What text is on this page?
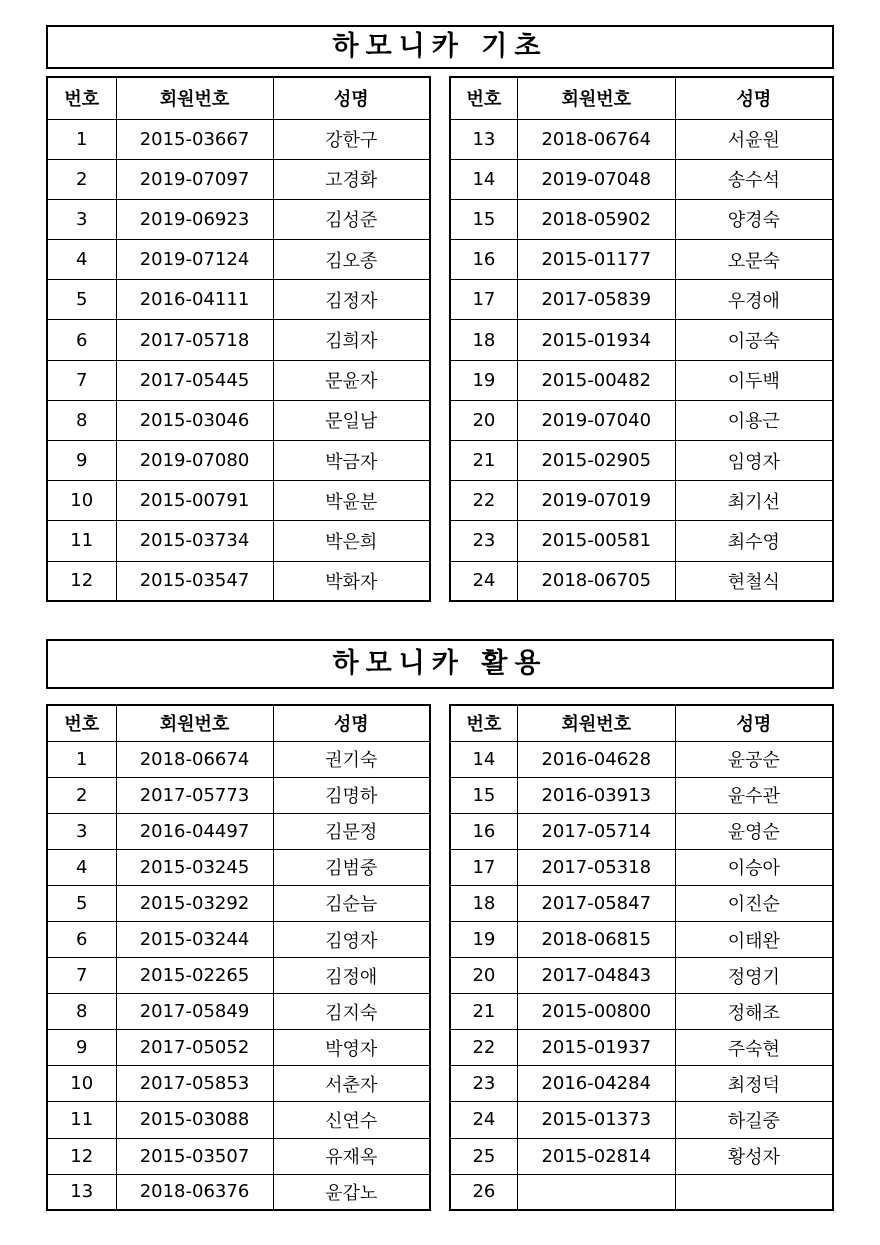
하모니카 기초
번호	회원번호	성명
1	2015-03667	강한구
2	2019-07097	고경화
3	2019-06923	김성준
4	2019-07124	김오종
5	2016-04111	김정자
6	2017-05718	김희자
7	2017-05445	문윤자
8	2015-03046	문일남
9	2019-07080	박금자
10	2015-00791	박윤분
11	2015-03734	박은희
12	2015-03547	박화자
번호	회원번호	성명
13	2018-06764	서윤원
14	2019-07048	송수석
15	2018-05902	양경숙
16	2015-01177	오문숙
17	2017-05839	우경애
18	2015-01934	이공숙
19	2015-00482	이두백
20	2019-07040	이용근
21	2015-02905	임영자
22	2019-07019	최기선
23	2015-00581	최수영
24	2018-06705	현철식
하모니카 활용
번호	회원번호	성명
1	2018-06674	권기숙
2	2017-05773	김명하
3	2016-04497	김문정
4	2015-03245	김범중
5	2015-03292	김순늠
6	2015-03244	김영자
7	2015-02265	김정애
8	2017-05849	김지숙
9	2017-05052	박영자
10	2017-05853	서춘자
11	2015-03088	신연수
12	2015-03507	유재옥
13	2018-06376	윤갑노
번호	회원번호	성명
14	2016-04628	윤공순
15	2016-03913	윤수관
16	2017-05714	윤영순
17	2017-05318	이승아
18	2017-05847	이진순
19	2018-06815	이태완
20	2017-04843	정영기
21	2015-00800	정해조
22	2015-01937	주숙현
23	2016-04284	최정덕
24	2015-01373	하길중
25	2015-02814	황성자
26		
